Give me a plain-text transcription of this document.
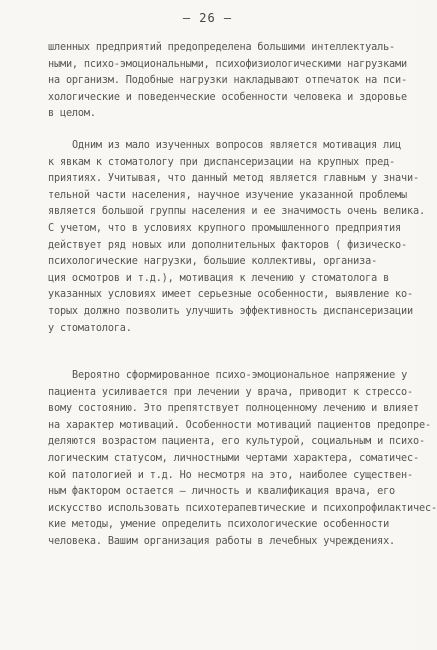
– 26 –
шленных предприятий предопределена большими интеллектуаль-
ными, психо-эмоциональными, психофизиологическими нагрузками
на организм. Подобные нагрузки накладывают отпечаток на пси-
хологические и поведенческие особенности человека и здоровье
в целом.
Одним из мало изученных вопросов является мотивация лиц
к явкам к стоматологу при диспансеризации на крупных пред-
приятиях. Учитывая, что данный метод является главным у значи-
тельной части населения, научное изучение указанной проблемы
является большой группы населения и ее значимость очень велика.
С учетом, что в условиях крупного промышленного предприятия
действует ряд новых или дополнительных факторов ( физическо-
психологические нагрузки, большие коллективы, организа-
ция осмотров и т.д.), мотивация к лечению у стоматолога в
указанных условиях имеет серьезные особенности, выявление ко-
торых должно позволить улучшить эффективность диспансеризации
у стоматолога.
Вероятно сформированное психо-эмоциональное напряжение у
пациента усиливается при лечении у врача, приводит к стрессо-
вому состоянию. Это препятствует полноценному лечению и влияет
на характер мотиваций. Особенности мотиваций пациентов предопре-
деляются возрастом пациента, его культурой, социальным и психо-
логическим статусом, личностными чертами характера, соматичес-
кой патологией и т.д. Но несмотря на это, наиболее существен-
ным фактором остается – личность и квалификация врача, его
искусство использовать психотерапевтические и психопрофилактичес-
кие методы, умение определить психологические особенности
человека. Вашим организация работы в лечебных учреждениях.
